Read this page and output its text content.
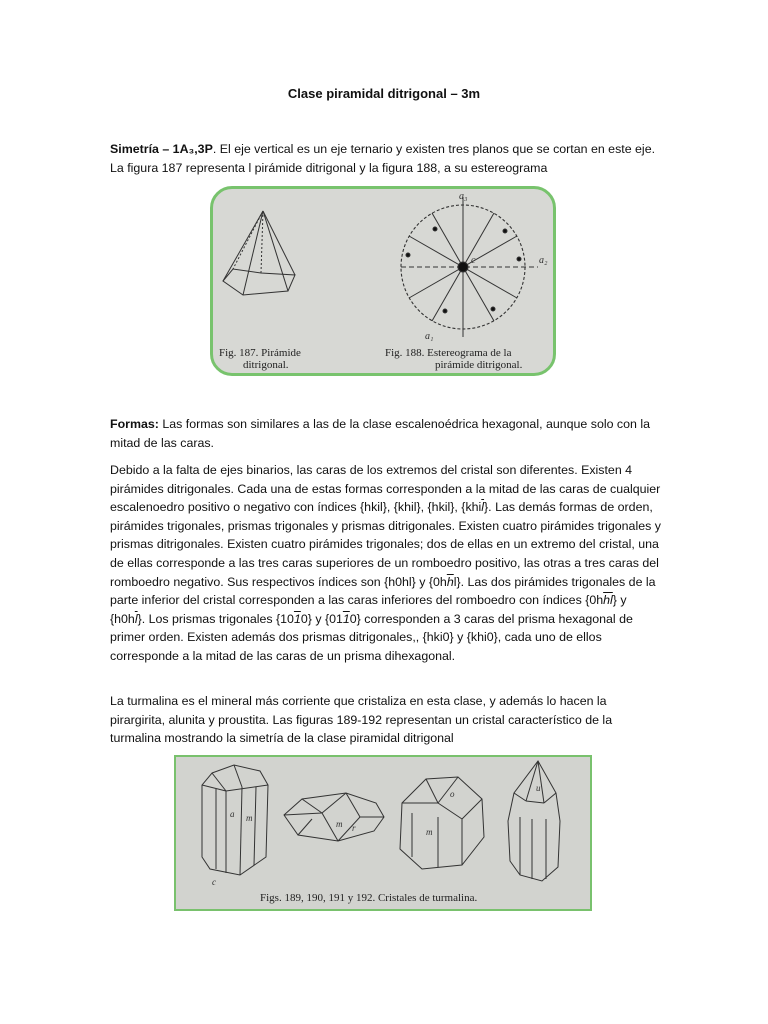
Clase piramidal ditrigonal – 3m

Simetría – 1A₃,3P. El eje vertical es un eje ternario y existen tres planos que se cortan en este eje. La figura 187 representa l pirámide ditrigonal y la figura 188, a su estereograma

a₃
a₂
a₁
c
Fig. 187. Pirámide
ditrigonal.
Fig. 188. Estereograma de la
pirámide ditrigonal.

Formas: Las formas son similares a las de la clase escalenoédrica hexagonal, aunque solo con la mitad de las caras.

Debido a la falta de ejes binarios, las caras de los extremos del cristal son diferentes. Existen 4 pirámides ditrigonales. Cada una de estas formas corresponden a la mitad de las caras de cualquier escalenoedro positivo o negativo con índices {hkil}, {khil}, {hkil}, $\{khi\overline{l}\}$. Las demás formas de orden, pirámides trigonales, prismas trigonales y prismas ditrigonales. Existen cuatro pirámides trigonales y prismas ditrigonales. Existen cuatro pirámides trigonales; dos de ellas en un extremo del cristal, una de ellas corresponde a las tres caras superiores de un romboedro positivo, las otras a tres caras del romboedro negativo. Sus respectivos índices son {h0hl} y $\{0h\overline{h}l\}$. Las dos pirámides trigonales de la parte inferior del cristal corresponden a las caras inferiores del romboedro con índices $\{0h\overline{hl}\}$ y $\{h0h\overline{l}\}$. Los prismas trigonales {1010} y {0110} corresponden a 3 caras del prisma hexagonal de primer orden. Existen además dos prismas ditrigonales,, {hki0} y {khi0}, cada uno de ellos corresponde a la mitad de las caras de un prisma dihexagonal.

La turmalina es el mineral más corriente que cristaliza en esta clase, y además lo hacen la pirargirita, alunita y proustita. Las figuras 189-192 representan un cristal característico de la turmalina mostrando la simetría de la clase piramidal ditrigonal

a m
c
m r
o
m
u
Figs. 189, 190, 191 y 192. Cristales de turmalina.
